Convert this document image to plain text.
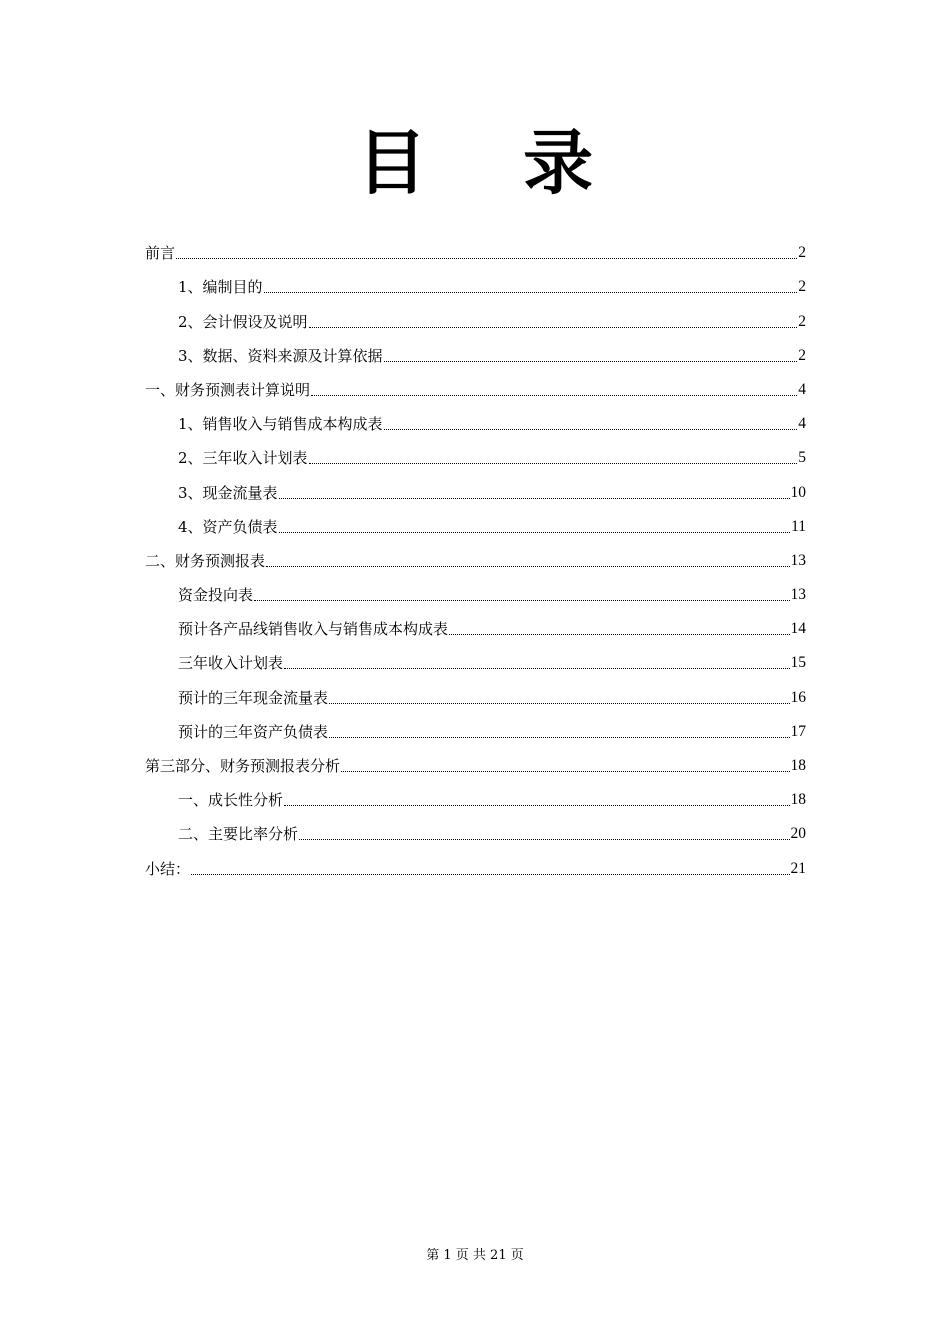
目 录
前言	2
1、编制目的	2
2、会计假设及说明	2
3、数据、资料来源及计算依据	2
一、财务预测表计算说明	4
1、销售收入与销售成本构成表	4
2、三年收入计划表	5
3、现金流量表	10
4、资产负债表	11
二、财务预测报表	13
资金投向表	13
预计各产品线销售收入与销售成本构成表	14
三年收入计划表	15
预计的三年现金流量表	16
预计的三年资产负债表	17
第三部分、财务预测报表分析	18
一、成长性分析	18
二、主要比率分析	20
小结：	21
第 1 页 共 21 页
